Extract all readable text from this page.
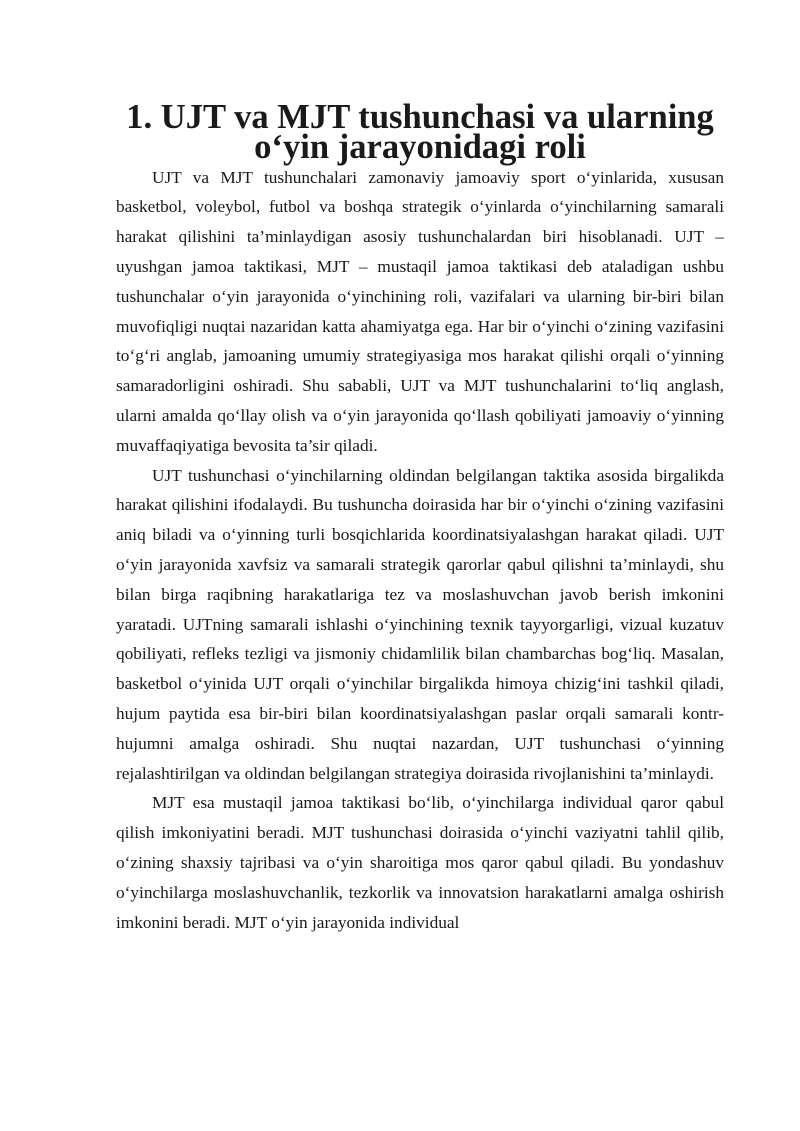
1. UJT va MJT tushunchasi va ularning o‘yin jarayonidagi roli

UJT va MJT tushunchalari zamonaviy jamoaviy sport o‘yinlarida, xususan basketbol, voleybol, futbol va boshqa strategik o‘yinlarda o‘yinchilarning samarali harakat qilishini ta’minlaydigan asosiy tushunchalardan biri hisoblanadi. UJT – uyushgan jamoa taktikasi, MJT – mustaqil jamoa taktikasi deb ataladigan ushbu tushunchalar o‘yin jarayonida o‘yinchining roli, vazifalari va ularning bir-biri bilan muvofiqligi nuqtai nazaridan katta ahamiyatga ega. Har bir o‘yinchi o‘zining vazifasini to‘g‘ri anglab, jamoaning umumiy strategiyasiga mos harakat qilishi orqali o‘yinning samaradorligini oshiradi. Shu sababli, UJT va MJT tushunchalarini to‘liq anglash, ularni amalda qo‘llay olish va o‘yin jarayonida qo‘llash qobiliyati jamoaviy o‘yinning muvaffaqiyatiga bevosita ta’sir qiladi.

UJT tushunchasi o‘yinchilarning oldindan belgilangan taktika asosida birgalikda harakat qilishini ifodalaydi. Bu tushuncha doirasida har bir o‘yinchi o‘zining vazifasini aniq biladi va o‘yinning turli bosqichlarida koordinatsiyalashgan harakat qiladi. UJT o‘yin jarayonida xavfsiz va samarali strategik qarorlar qabul qilishni ta’minlaydi, shu bilan birga raqibning harakatlariga tez va moslashuvchan javob berish imkonini yaratadi. UJTning samarali ishlashi o‘yinchining texnik tayyorgarligi, vizual kuzatuv qobiliyati, refleks tezligi va jismoniy chidamlilik bilan chambarchas bog‘liq. Masalan, basketbol o‘yinida UJT orqali o‘yinchilar birgalikda himoya chizig‘ini tashkil qiladi, hujum paytida esa bir-biri bilan koordinatsiyalashgan paslar orqali samarali kontr-hujumni amalga oshiradi. Shu nuqtai nazardan, UJT tushunchasi o‘yinning rejalashtirilgan va oldindan belgilangan strategiya doirasida rivojlanishini ta’minlaydi.

MJT esa mustaqil jamoa taktikasi bo‘lib, o‘yinchilarga individual qaror qabul qilish imkoniyatini beradi. MJT tushunchasi doirasida o‘yinchi vaziyatni tahlil qilib, o‘zining shaxsiy tajribasi va o‘yin sharoitiga mos qaror qabul qiladi. Bu yondashuv o‘yinchilarga moslashuvchanlik, tezkorlik va innovatsion harakatlarni amalga oshirish imkonini beradi. MJT o‘yin jarayonida individual
